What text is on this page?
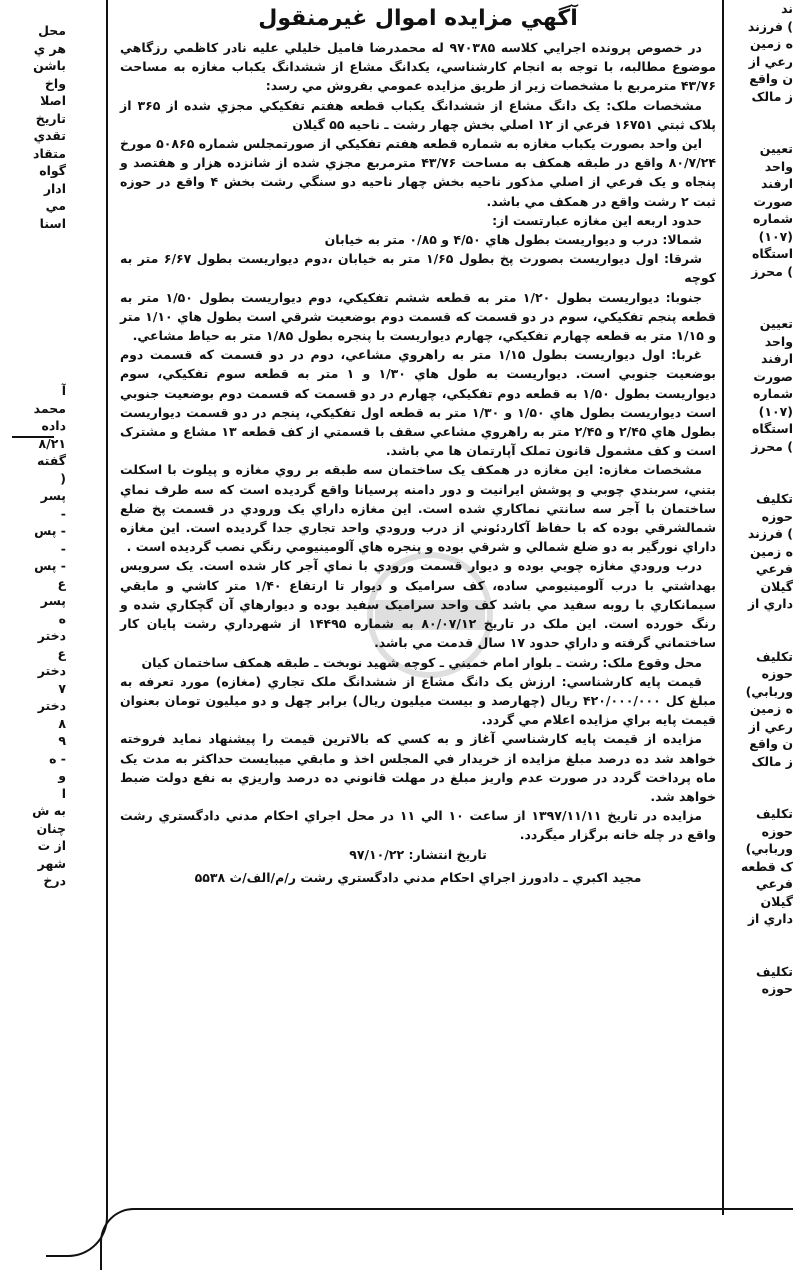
محل

هر ي

باشن

واخ

اصلا

تاريخ

تقدي

متقاد

گواه

ادار

مي

اسنا

آ

محمد

داده

۸/۲۱

گفته

(

پسر

-

- پس

-

- پس

ع

پسر

ه

دختر

ع

دختر

۷

دختر

۸

۹

- ه

و

ا

به ش

چنان

از ت

شهر

درخ

ند

) فرزند

ه زمين

رعي از

ن واقع

ز مالک

تعيين

واحد

ارفند

صورت

شماره

(۱۰۷)

استگاه

) محرز

تعيين

واحد

ارفند

صورت

شماره

(۱۰۷)

استگاه

) محرز

تکليف

حوزه

) فرزند

ه زمين

فرعي

گيلان

داري از

تکليف

حوزه

وربابي)

ه زمين

رعي از

ن واقع

ز مالک

تکليف

حوزه

وربابي)

ک قطعه

فرعي

گيلان

داري از

تکليف

حوزه

آگهي مزايده اموال غيرمنقول

در خصوص پرونده اجرايي کلاسه ۹۷۰۳۸۵ له محمدرضا فاميل خليلي عليه نادر کاظمي رزگاهي موضوع مطالبه، با توجه به انجام کارشناسي، يکدانگ مشاع از ششدانگ يکباب مغازه به مساحت ۴۳/۷۶ مترمربع با مشخصات زير از طريق مزايده عمومي بفروش مي رسد:

مشخصات ملک: يک دانگ مشاع از ششدانگ يکباب قطعه هفتم تفکيکي مجزي شده از ۳۶۵ از پلاک ثبتي ۱۶۷۵۱ فرعي از ۱۲ اصلي بخش چهار رشت ـ ناحيه ۵۵ گيلان

اين واحد بصورت يکباب مغازه به شماره قطعه هفتم تفکيکي از صورتمجلس شماره ۵۰۸۶۵ مورخ ۸۰/۷/۲۴ واقع در طبقه همکف به مساحت ۴۳/۷۶ مترمربع مجزي شده از شانزده هزار و هفتصد و پنجاه و يک فرعي از اصلي مذکور ناحيه بخش چهار ناحيه دو سنگي رشت بخش ۴ واقع در حوزه ثبت ۲ رشت واقع در همکف مي باشد.

حدود اربعه اين مغازه عبارتست از:

شمالا: درب و ديواريست بطول هاي ۴/۵۰ و ۰/۸۵ متر به خيابان

شرقا: اول ديواريست بصورت پخ بطول ۱/۶۵ متر به خيابان ،دوم ديواريست بطول ۶/۶۷ متر به کوچه

جنوبا: ديواريست بطول ۱/۲۰ متر به قطعه ششم تفکيکي، دوم ديواريست بطول ۱/۵۰ متر به قطعه پنجم تفکيکي، سوم در دو قسمت که قسمت دوم بوضعيت شرقي است بطول هاي ۱/۱۰ متر و ۱/۱۵ متر به قطعه چهارم تفکيکي، چهارم ديواريست با پنجره بطول ۱/۸۵ متر به حياط مشاعي.

غربا: اول ديواريست بطول ۱/۱۵ متر به راهروي مشاعي، دوم در دو قسمت که قسمت دوم بوضعيت جنوبي است. ديواريست به طول هاي ۱/۳۰ و ۱ متر به قطعه سوم تفکيکي، سوم ديواريست بطول ۱/۵۰ به قطعه دوم تفکيکي، چهارم در دو قسمت که قسمت دوم بوضعيت جنوبي است ديواريست بطول هاي ۱/۵۰ و ۱/۳۰ متر به قطعه اول تفکيکي، پنجم در دو قسمت ديواريست بطول هاي ۲/۴۵ و ۲/۴۵ متر به راهروي مشاعي سقف با قسمتي از کف قطعه ۱۳ مشاع و مشترک است و کف مشمول قانون تملک آپارتمان ها مي باشد.

مشخصات مغازه: اين مغازه در همکف يک ساختمان سه طبقه بر روي مغازه و پيلوت با اسکلت بتني، سربندي چوبي و پوشش ايرانيت و دور دامنه پرسيانا واقع گرديده است که سه طرف نماي ساختمان با آجر سه سانتي نماکاري شده است. اين مغازه داراي يک ورودي در قسمت پخ ضلع شمالشرقي بوده که با حفاظ آکاردئوني از درب ورودي واحد تجاري جدا گرديده است. اين مغازه داراي نورگير به دو ضلع شمالي و شرقي بوده و پنجره هاي آلومينيومي رنگي نصب گرديده است .

درب ورودي مغازه چوبي بوده و ديوار قسمت ورودي با نماي آجر کار شده است. يک سرويس بهداشتي با درب آلومينيومي ساده، کف سراميک و ديوار تا ارتفاع ۱/۴۰ متر کاشي و مابقي سيمانکاري با روبه سفيد مي باشد کف واحد سراميک سفيد بوده و ديوارهاي آن گچکاري شده و رنگ خورده است. اين ملک در تاريخ ۸۰/۰۷/۱۲ به شماره ۱۴۴۹۵ از شهرداري رشت پايان کار ساختماني گرفته و داراي حدود ۱۷ سال قدمت مي باشد.

محل وقوع ملک: رشت ـ بلوار امام خميني ـ کوچه شهيد نوبخت ـ طبقه همکف ساختمان کيان

قيمت پايه کارشناسي: ارزش يک دانگ مشاع از ششدانگ ملک تجاري (مغازه) مورد تعرفه به مبلغ کل ۴۲۰/۰۰۰/۰۰۰ ريال (چهارصد و بيست ميليون ريال) برابر چهل و دو ميليون تومان بعنوان قيمت پايه براي مزايده اعلام مي گردد.

مزايده از قيمت پايه کارشناسي آغاز و به کسي که بالاترين قيمت را پيشنهاد نمايد فروخته خواهد شد ده درصد مبلغ مزايده از خريدار في المجلس اخذ و مابقي ميبايست حداکثر به مدت يک ماه پرداخت گردد در صورت عدم واريز مبلغ در مهلت قانوني ده درصد واريزي به نفع دولت ضبط خواهد شد.

مزايده در تاريخ ۱۳۹۷/۱۱/۱۱ از ساعت ۱۰ الي ۱۱ در محل اجراي احکام مدني دادگستري رشت واقع در چله خانه برگزار ميگردد.

تاريخ انتشار: ۹۷/۱۰/۲۲

مجيد اکبري ـ دادورز اجراي احکام مدني دادگستري رشت ر/م/الف/ث ۵۵۳۸
